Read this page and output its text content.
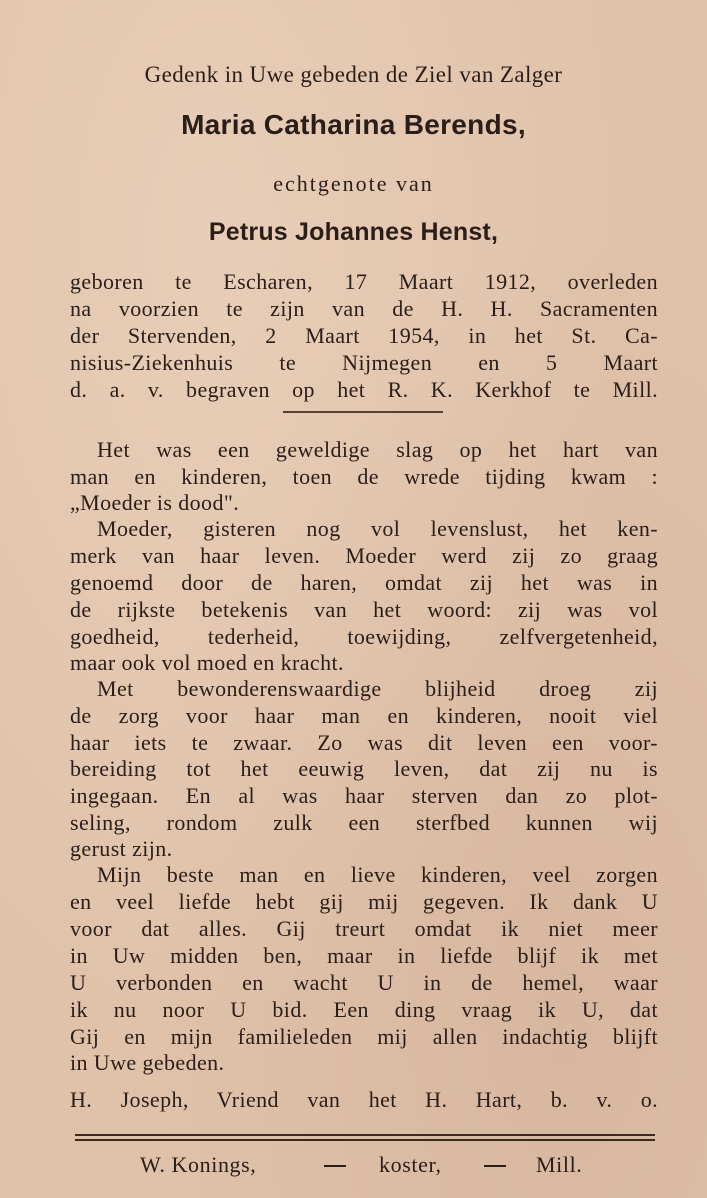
Gedenk in Uwe gebeden de Ziel van Zalger
Maria Catharina Berends,
echtgenote van
Petrus Johannes Henst,
geboren te Escharen, 17 Maart 1912, overleden
na voorzien te zijn van de H. H. Sacramenten
der Stervenden, 2 Maart 1954, in het St. Ca-
nisius-Ziekenhuis te Nijmegen en 5 Maart
d. a. v. begraven op het R. K. Kerkhof te Mill.
Het was een geweldige slag op het hart van
man en kinderen, toen de wrede tijding kwam :
„Moeder is dood".
Moeder, gisteren nog vol levenslust, het ken-
merk van haar leven. Moeder werd zij zo graag
genoemd door de haren, omdat zij het was in
de rijkste betekenis van het woord: zij was vol
goedheid, tederheid, toewijding, zelfvergetenheid,
maar ook vol moed en kracht.
Met bewonderenswaardige blijheid droeg zij
de zorg voor haar man en kinderen, nooit viel
haar iets te zwaar. Zo was dit leven een voor-
bereiding tot het eeuwig leven, dat zij nu is
ingegaan. En al was haar sterven dan zo plot-
seling, rondom zulk een sterfbed kunnen wij
gerust zijn.
Mijn beste man en lieve kinderen, veel zorgen
en veel liefde hebt gij mij gegeven. Ik dank U
voor dat alles. Gij treurt omdat ik niet meer
in Uw midden ben, maar in liefde blijf ik met
U verbonden en wacht U in de hemel, waar
ik nu noor U bid. Een ding vraag ik U, dat
Gij en mijn familieleden mij allen indachtig blijft
in Uwe gebeden.
H. Joseph, Vriend van het H. Hart, b. v. o.
W. Konings,	koster,	Mill.
